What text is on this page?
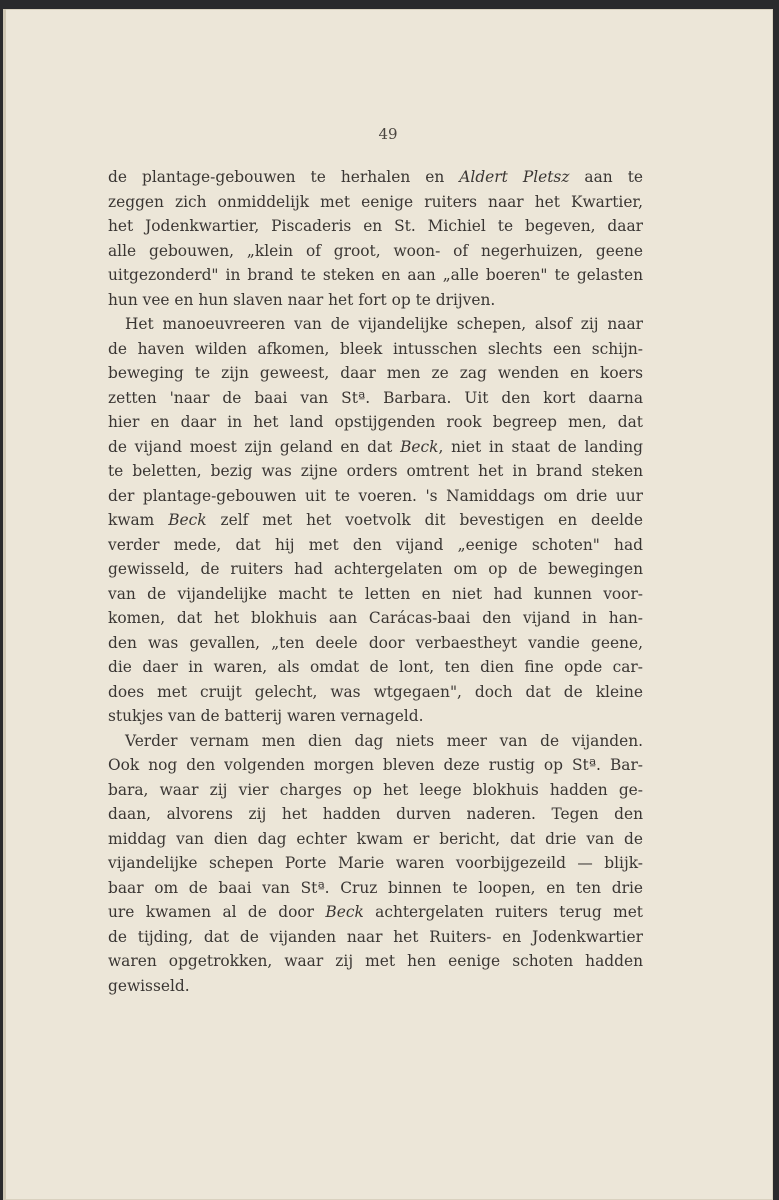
49
de plantage-gebouwen te herhalen en Aldert Pletsz aan te
zeggen zich onmiddelijk met eenige ruiters naar het Kwartier,
het Jodenkwartier, Piscaderis en St. Michiel te begeven, daar
alle gebouwen, „klein of groot, woon- of negerhuizen, geene
uitgezonderd" in brand te steken en aan „alle boeren" te gelasten
hun vee en hun slaven naar het fort op te drijven.
Het manoeuvreeren van de vijandelijke schepen, alsof zij naar
de haven wilden afkomen, bleek intusschen slechts een schijn-
beweging te zijn geweest, daar men ze zag wenden en koers
zetten 'naar de baai van Stª. Barbara. Uit den kort daarna
hier en daar in het land opstijgenden rook begreep men, dat
de vijand moest zijn geland en dat Beck, niet in staat de landing
te beletten, bezig was zijne orders omtrent het in brand steken
der plantage-gebouwen uit te voeren. 's Namiddags om drie uur
kwam Beck zelf met het voetvolk dit bevestigen en deelde
verder mede, dat hij met den vijand „eenige schoten" had
gewisseld, de ruiters had achtergelaten om op de bewegingen
van de vijandelijke macht te letten en niet had kunnen voor-
komen, dat het blokhuis aan Carácas-baai den vijand in han-
den was gevallen, „ten deele door verbaestheyt vandie geene,
die daer in waren, als omdat de lont, ten dien fine opde car-
does met cruijt gelecht, was wtgegaen", doch dat de kleine
stukjes van de batterij waren vernageld.
Verder vernam men dien dag niets meer van de vijanden.
Ook nog den volgenden morgen bleven deze rustig op Stª. Bar-
bara, waar zij vier charges op het leege blokhuis hadden ge-
daan, alvorens zij het hadden durven naderen. Tegen den
middag van dien dag echter kwam er bericht, dat drie van de
vijandelijke schepen Porte Marie waren voorbijgezeild — blijk-
baar om de baai van Stª. Cruz binnen te loopen, en ten drie
ure kwamen al de door Beck achtergelaten ruiters terug met
de tijding, dat de vijanden naar het Ruiters- en Jodenkwartier
waren opgetrokken, waar zij met hen eenige schoten hadden
gewisseld.
